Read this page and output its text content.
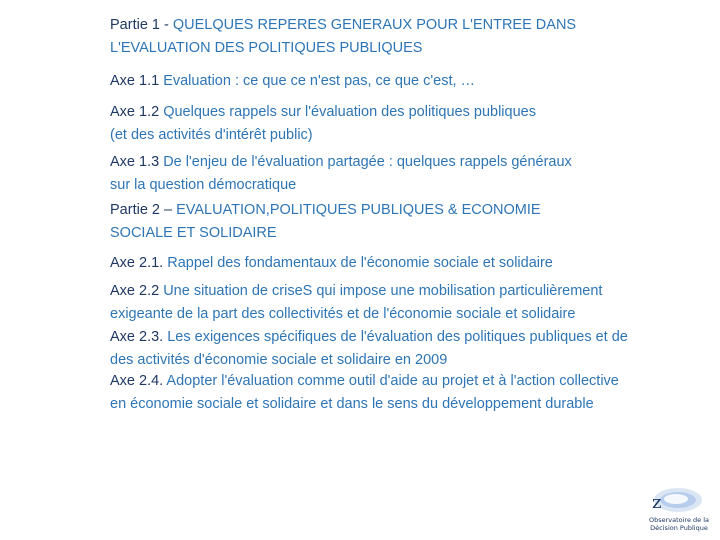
Partie 1 - QUELQUES REPERES GENERAUX POUR L'ENTREE DANS
L'EVALUATION DES POLITIQUES PUBLIQUES
Axe 1.1 Evaluation : ce que ce n'est pas, ce que c'est, …
Axe 1.2 Quelques rappels sur l'évaluation des politiques publiques
(et des activités d'intérêt public)
Axe 1.3 De l'enjeu de l'évaluation partagée : quelques rappels généraux
sur la question démocratique
Partie 2 – EVALUATION,POLITIQUES PUBLIQUES & ECONOMIE
SOCIALE ET SOLIDAIRE
Axe 2.1. Rappel des fondamentaux de l'économie sociale et solidaire
Axe 2.2 Une situation de criseS qui impose une mobilisation particulièrement
exigeante de la part des collectivités et de l'économie sociale et solidaire
Axe 2.3. Les exigences spécifiques de l'évaluation des politiques publiques et de
des activités d'économie sociale et solidaire en 2009
Axe 2.4. Adopter l'évaluation comme outil d'aide au projet et à l'action collective
en économie sociale et solidaire et dans le sens du développement durable
z
Observatoire de la
Décision Publique
